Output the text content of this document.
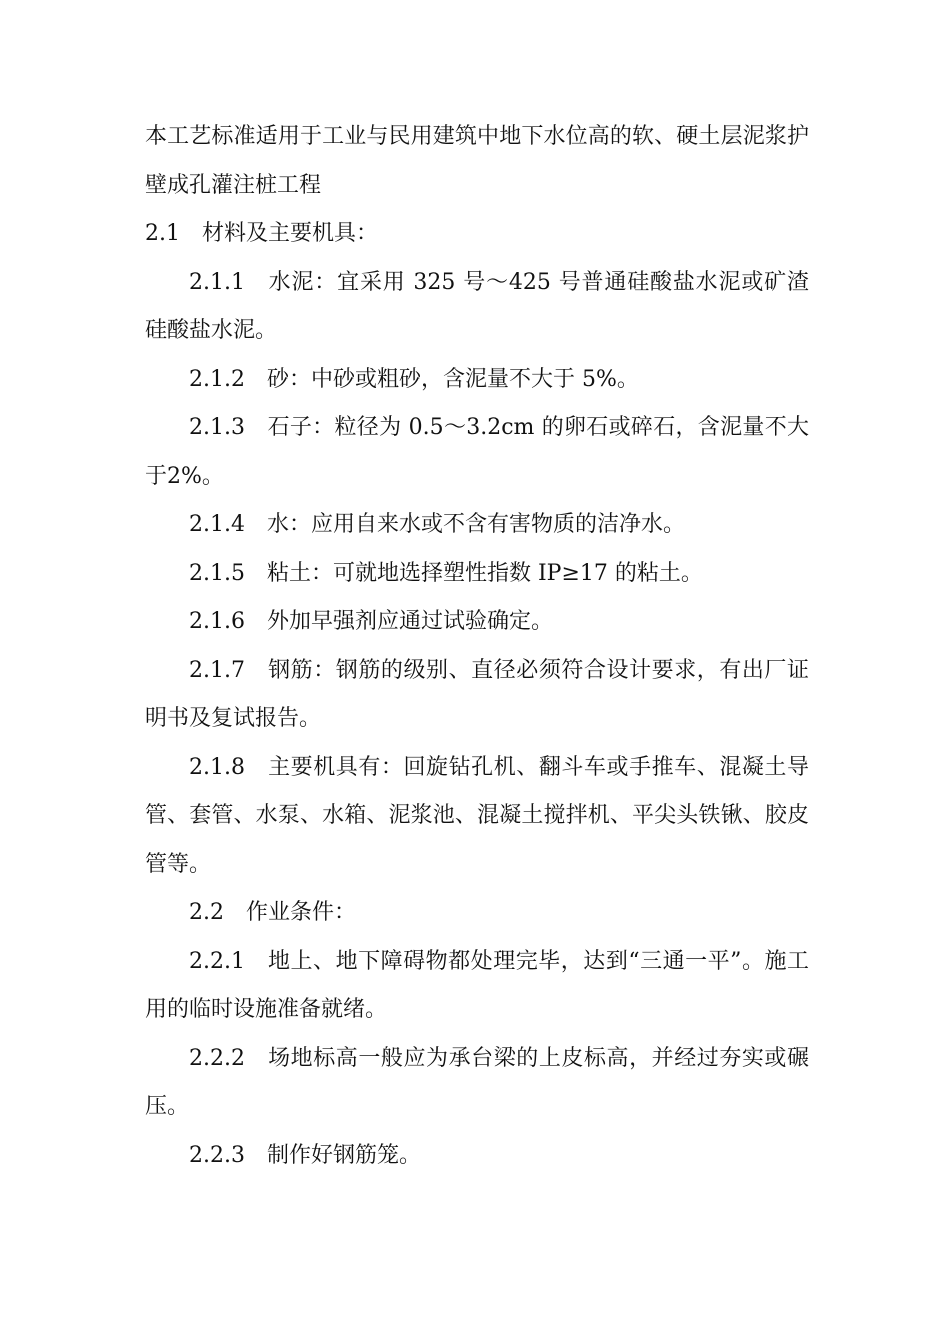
本工艺标准适用于工业与民用建筑中地下水位高的软、硬土层泥浆护壁成孔灌注桩工程

2.1　材料及主要机具：

2.1.1　水泥：宜采用 325 号～425 号普通硅酸盐水泥或矿渣硅酸盐水泥。

2.1.2　砂：中砂或粗砂，含泥量不大于 5%。

2.1.3　石子：粒径为 0.5～3.2cm 的卵石或碎石，含泥量不大于2%。

2.1.4　水：应用自来水或不含有害物质的洁净水。

2.1.5　粘土：可就地选择塑性指数 IP≥17 的粘土。

2.1.6　外加早强剂应通过试验确定。

2.1.7　钢筋：钢筋的级别、直径必须符合设计要求，有出厂证明书及复试报告。

2.1.8　主要机具有：回旋钻孔机、翻斗车或手推车、混凝土导管、套管、水泵、水箱、泥浆池、混凝土搅拌机、平尖头铁锹、胶皮管等。

2.2　作业条件：

2.2.1　地上、地下障碍物都处理完毕，达到“三通一平”。施工用的临时设施准备就绪。

2.2.2　场地标高一般应为承台梁的上皮标高，并经过夯实或碾压。

2.2.3　制作好钢筋笼。
